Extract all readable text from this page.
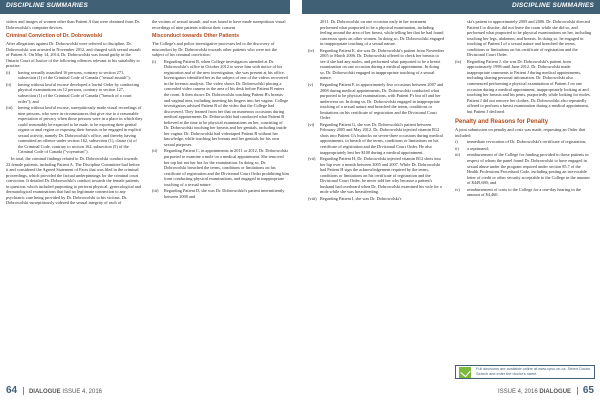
DISCIPLINE SUMMARIES	DISCIPLINE SUMMARIES

videos and images of women other than Patient A that were obtained from Dr. Dobrowolski's computer devices.

Criminal Conviction of Dr. Dobrowolski

After allegations against Dr. Dobrowolski were referred to discipline, Dr. Dobrowolski was arrested in November 2012, and charged with sexual assault of Patient A. On May 14, 2014, Dr. Dobrowolski was found guilty in the Ontario Court of Justice of the following offences relevant to his suitability to practise:

(i)	having sexually assaulted 16 persons, contrary to section 271, subsection (1) of the Criminal Code of Canada ("sexual assault");
(ii)	having without lawful excuse developed a lawful Order by conducting physical examinations on 12 persons, contrary to section 127, subsection (1) of the Criminal Code of Canada ("breach of a court order"); and
(iii)	having without lawful excuse, surreptitiously made visual recordings of nine persons, who were in circumstances that give rise to a reasonable expectation of privacy when those persons were in a place in which they could reasonably be expected to be nude, to be exposing their genital organs or anal region or exposing their breasts or be engaged in explicit sexual activity, namely Dr. Dobrowolski's office, and thereby having committed an offence under section 162, subsection (1), clause (a) of the Criminal Code, contrary to section 162, subsection (5) of the Criminal Code of Canada ("voyeurism").

In total, the criminal findings related to Dr. Dobrowolski conduct towards 22 female patients, including Patient A. The Discipline Committee had before it and considered the Agreed Statement of Facts that was filed in the criminal proceedings, which provided the factual underpinnings for the criminal court conviction. It detailed Dr. Dobrowolski's conduct towards the female patients in question, which included purporting to perform physical, gynecological and dermatological examinations that had no legitimate connection to any psychiatric care being provided by Dr. Dobrowolski to his victims. Dr. Dobrowolski surreptitiously videoed the sexual integrity of each of

the victims of sexual assault, and was found to have made surreptitious visual recordings of nine patients without their consent.

Misconduct towards Other Patients

The College's and police investigative processes led to the discovery of misconduct by Dr. Dobrowolski towards other patients who were not the subject of his criminal conviction:

(i)	Regarding Patient B, when College investigators attended at Dr. Dobrowolski's office in October 2012 to serve him with notice of his registration and of the new investigation, she was present at his office. Investigators identified her as the subject of one of the videos recovered in the forensic analysis. The video shows Dr. Dobrowolski placing a concealed video camera in the area of his desk before Patient B enters the room. It then shows Dr. Dobrowolski touching Patient B's breasts and vaginal area, including inserting his fingers into her vagina. College investigators advised Patient B of the video that the College had discovered. They learned from her that on numerous occasions during medical appointments Dr. Dobrowolski had conducted what Patient B believed at the time to be physical examinations on her, consisting of Dr. Dobrowolski touching her breasts and her genitals, including inside her vagina. Dr. Dobrowolski had videotaped Patient B without her knowledge, while touching her breasts and her genitals for his own sexual purposes.
(ii)	Regarding Patient C, in appointments in 2011 or 2012, Dr. Dobrowolski purported to examine a mole on a medical appointment. She removed her top but not her bra for the examination. In doing so, Dr. Dobrowolski breached the terms, conditions or limitations on his certificate of registration and the Divisional Court Order prohibiting him from conducting physical examinations, and engaged in inappropriate touching of a sexual nature.
(iii)	Regarding Patient D, she was Dr. Dobrowolski's patient intermittently between 2000 and

2011. Dr. Dobrowolski on one occasion early in her treatment performed what purported to be a physical examination, including feeling around the area of her breast, while telling her that he had found cancerous spots on other women. In doing so, Dr. Dobrowolski engaged in inappropriate touching of a sexual nature.

(iv)	Regarding Patient E, she was Dr. Dobrowolski's patient from November 2005 to March 2006. Dr. Dobrowolski offered to check her breasts to see if she had any moles, and performed what purported to be a breast examination on one occasion during a medical appointment. In doing so, Dr. Dobrowolski engaged in inappropriate touching of a sexual nature.
(v)	Regarding Patient F, in approximately five occasions between 2007 and 2008 during medical appointments, Dr. Dobrowolski conducted what purported to be physical examinations, with Patient F's bra off and her underwear on. In doing so, Dr. Dobrowolski engaged in inappropriate touching of a sexual nature and breached the terms, conditions or limitations on his certificate of registration and the Divisional Court Order.
(vi)	Regarding Patient G, she was Dr. Dobrowolski's patient between February 2005 and May 2012. Dr. Dobrowolski injected vitamin B12 shots into Patient G's buttocks on seven-three occasions during medical appointments, in breach of the terms, conditions or limitations on his certificate of registration and the Divisional Court Order. He also inappropriately lent her $100 during a medical appointment.
(vii)	Regarding Patient H, Dr. Dobrowolski injected vitamin B12 shots into her hip over a month between 2005 and 2007. While Dr. Dobrowolski had Patient H sign the acknowledgement required by the terms, conditions or limitations on his certificate of registration and the Divisional Court Order, he never told her why because a patient's husband had overheard when Dr. Dobrowolski examined his wife for a mole while she was breastfeeding.
(viii) Regarding Patient I, she was Dr. Dobrowolski's

ski's patient in approximately 2005 and 2006. Dr. Dobrowolski directed Patient I to disrobe, did not leave the room while she did so, and performed what purported to be physical examinations on her, including touching her legs, abdomen, and breasts. In doing so, he engaged in touching of Patient I of a sexual nature and breached the terms, conditions or limitations on his certificate of registration and the Divisional Court Order.

(ix)	Regarding Patient J, she was Dr. Dobrowolski's patient from approximately 1998 until June 2012. Dr. Dobrowolski made inappropriate comments to Patient J during medical appointments, including sharing personal information. Dr. Dobrowolski also commenced performing a physical examination of Patient J on one occasion during a medical appointment, inappropriately looking at and touching her breasts and his penis, purportedly while looking for moles. Patient J did not remove her clothes. Dr. Dobrowolski also repeatedly offered to perform a breast examination during a medical appointment, but Patient J declined.
Penalty and Reasons for Penalty

A joint submission on penalty and costs was made, requesting an Order that included:

i)	immediate revocation of Dr. Dobrowolski's certificate of registration;
ii)	a reprimand;
iii)	reimbursement of the College for funding provided to those patients in respect of whom the panel found Dr. Dobrowolski to have engaged in sexual abuse under the program required under section 85.7 of the Health Professions Procedural Code, including posting an irrevocable letter of credit or other security acceptable to the College in the amount of $449,680; and
iv)	reimbursement of costs to the College for a one-day hearing in the amount of $4,460.
Full decisions are available online at www.cpso.on.ca. Select Doctor Search and enter the doctor's name.
64 DIALOGUE ISSUE 4, 2016	ISSUE 4, 2016 DIALOGUE 65
